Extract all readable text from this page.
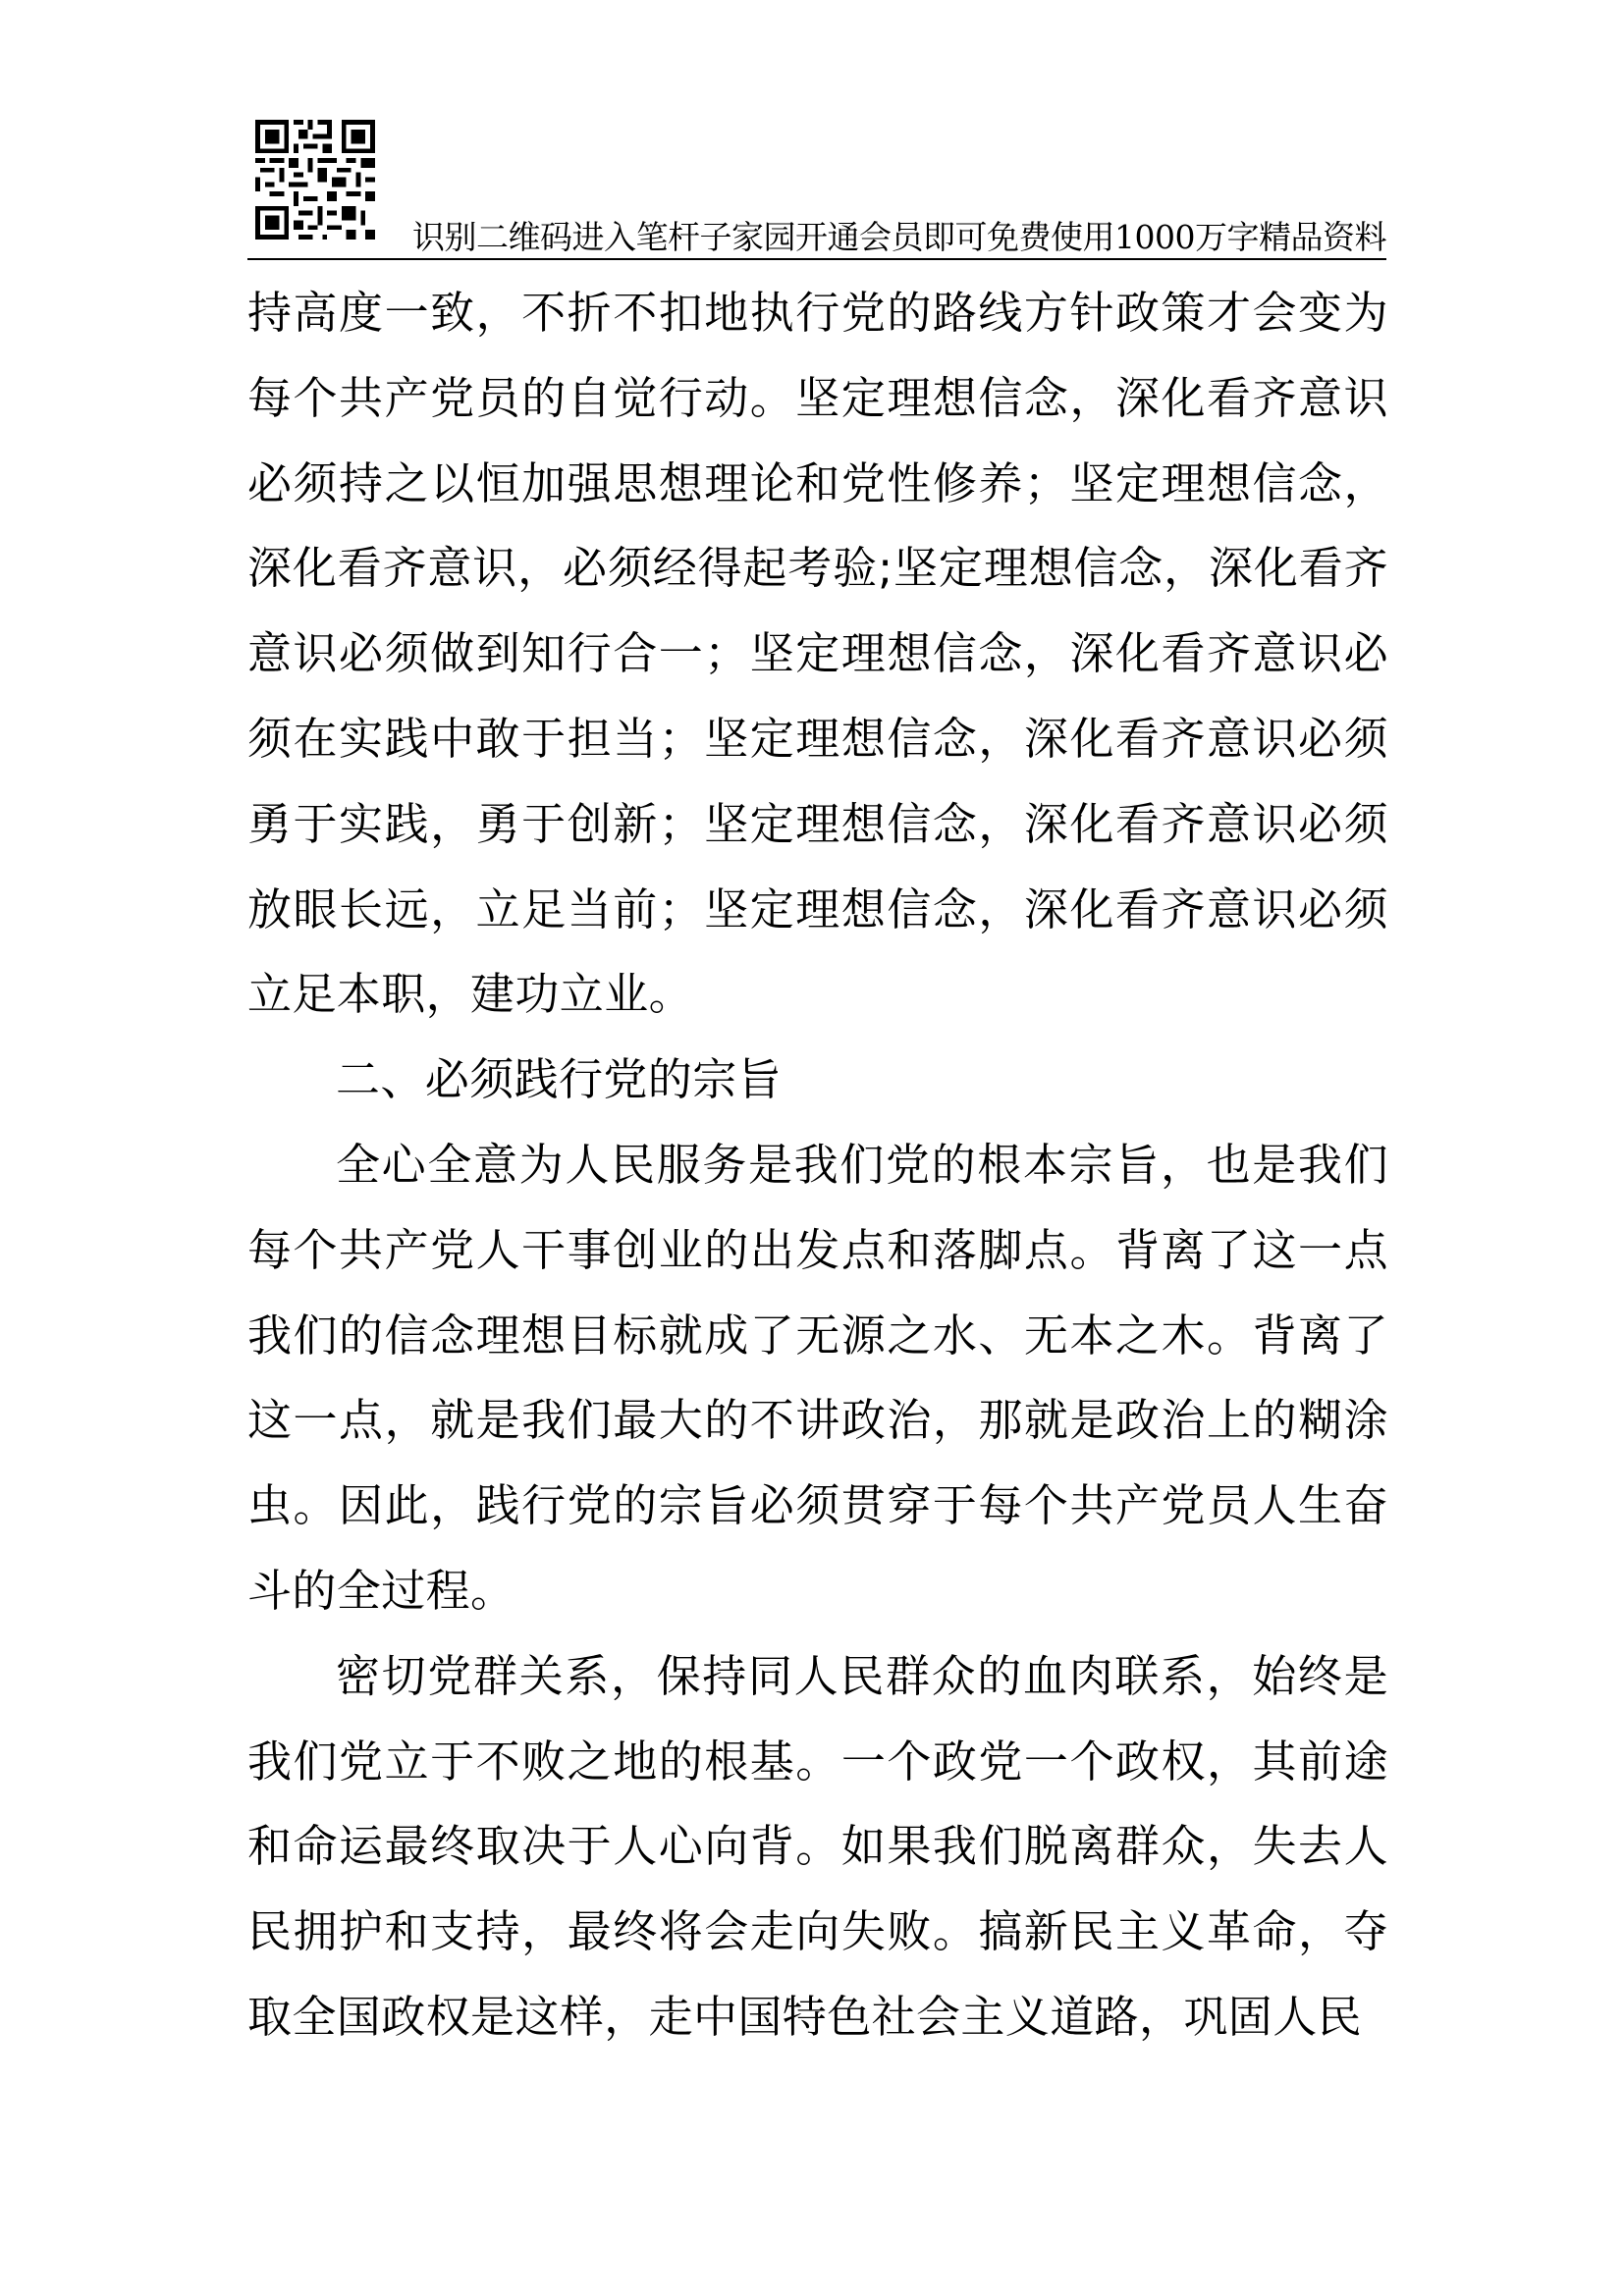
识别二维码进入笔杆子家园开通会员即可免费使用1000万字精品资料

持高度一致，不折不扣地执行党的路线方针政策才会变为每个共产党员的自觉行动。坚定理想信念，深化看齐意识必须持之以恒加强思想理论和党性修养；坚定理想信念，深化看齐意识，必须经得起考验;坚定理想信念，深化看齐意识必须做到知行合一；坚定理想信念，深化看齐意识必须在实践中敢于担当；坚定理想信念，深化看齐意识必须勇于实践，勇于创新；坚定理想信念，深化看齐意识必须放眼长远，立足当前；坚定理想信念，深化看齐意识必须立足本职，建功立业。

二、必须践行党的宗旨

全心全意为人民服务是我们党的根本宗旨，也是我们每个共产党人干事创业的出发点和落脚点。背离了这一点我们的信念理想目标就成了无源之水、无本之木。背离了这一点，就是我们最大的不讲政治，那就是政治上的糊涂虫。因此，践行党的宗旨必须贯穿于每个共产党员人生奋斗的全过程。

密切党群关系，保持同人民群众的血肉联系，始终是我们党立于不败之地的根基。一个政党一个政权，其前途和命运最终取决于人心向背。如果我们脱离群众，失去人民拥护和支持，最终将会走向失败。搞新民主义革命，夺取全国政权是这样，走中国特色社会主义道路，巩固人民
